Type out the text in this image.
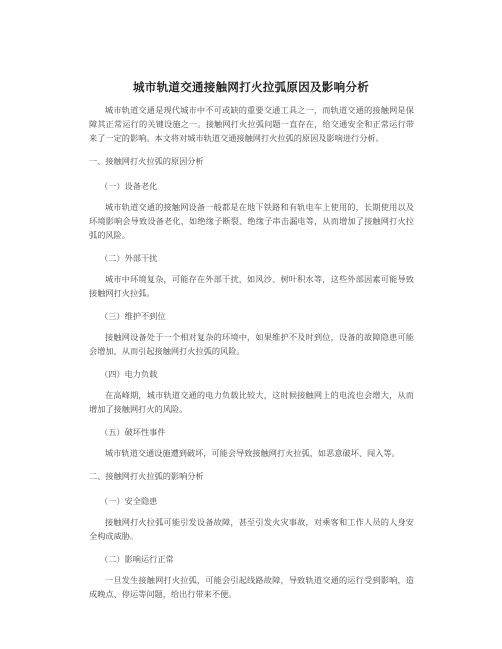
城市轨道交通接触网打火拉弧原因及影响分析
城市轨道交通是现代城市中不可或缺的重要交通工具之一，而轨道交通的接触网是保障其正常运行的关键设施之一。接触网打火拉弧问题一直存在，给交通安全和正常运行带来了一定的影响。本文将对城市轨道交通接触网打火拉弧的原因及影响进行分析。
一、接触网打火拉弧的原因分析
（一）设备老化
城市轨道交通的接触网设备一般都是在地下铁路和有轨电车上使用的，长期使用以及环境影响会导致设备老化，如绝缘子断裂、绝缘子串击漏电等，从而增加了接触网打火拉弧的风险。
（二）外部干扰
城市中环境复杂，可能存在外部干扰，如风沙、树叶积水等，这些外部因素可能导致接触网打火拉弧。
（三）维护不到位
接触网设备处于一个相对复杂的环境中，如果维护不及时到位，设备的故障隐患可能会增加，从而引起接触网打火拉弧的风险。
（四）电力负载
在高峰期，城市轨道交通的电力负载比较大，这时候接触网上的电流也会增大，从而增加了接触网打火的风险。
（五）破坏性事件
城市轨道交通设施遭到破坏，可能会导致接触网打火拉弧，如恶意破坏、闯入等。
二、接触网打火拉弧的影响分析
（一）安全隐患
接触网打火拉弧可能引发设备故障，甚至引发火灾事故，对乘客和工作人员的人身安全构成威胁。
（二）影响运行正常
一旦发生接触网打火拉弧，可能会引起线路故障，导致轨道交通的运行受到影响，造成晚点、停运等问题，给出行带来不便。
